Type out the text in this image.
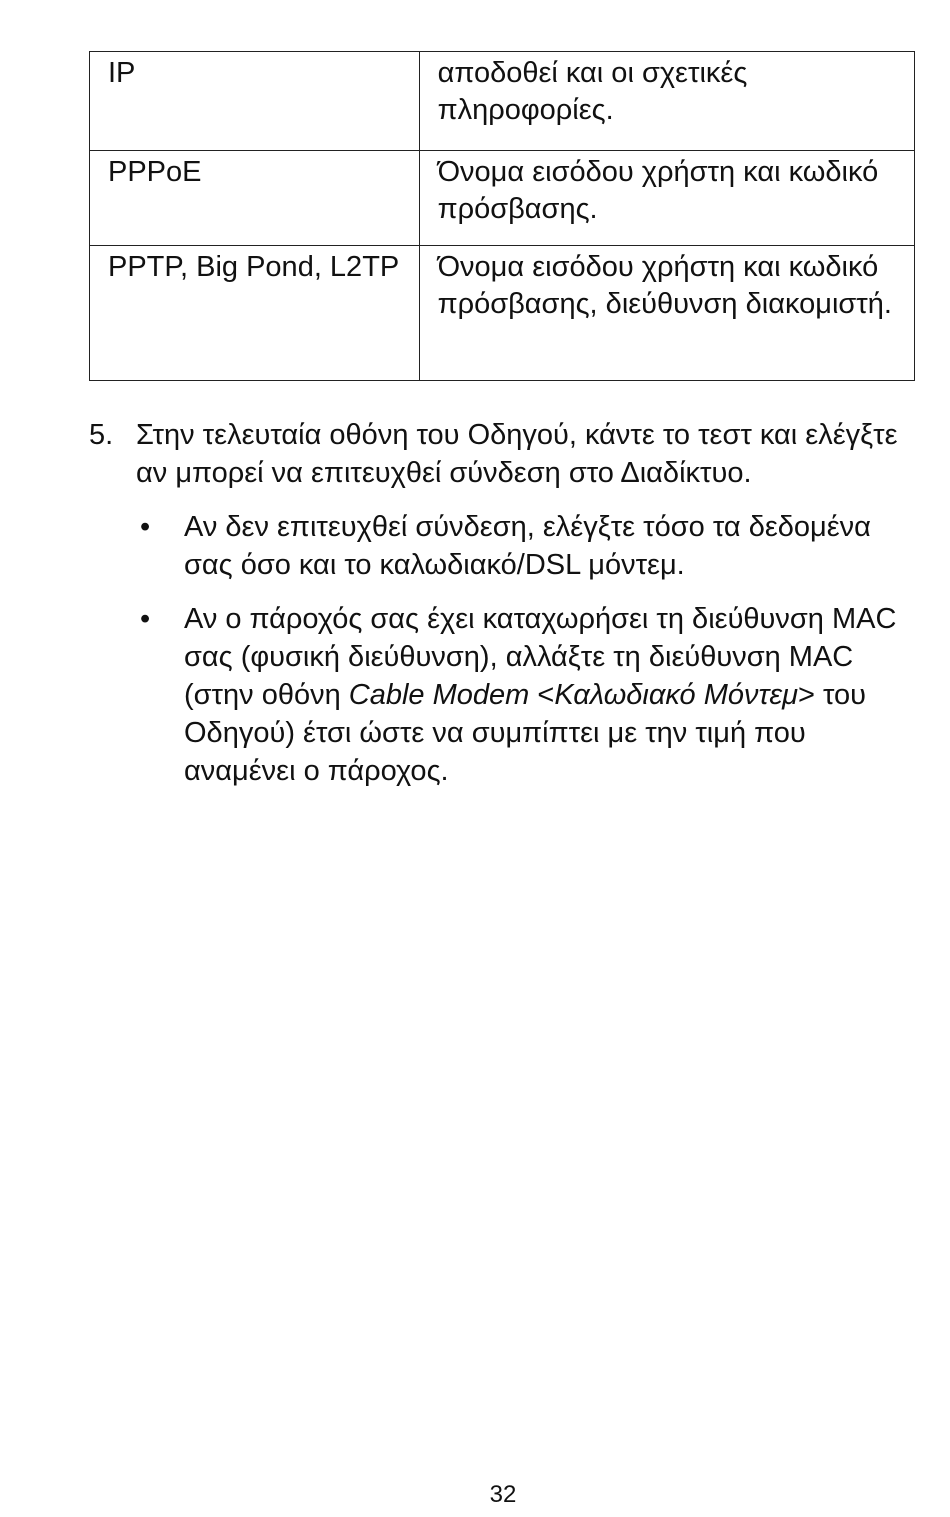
IP	αποδοθεί και οι σχετικές πληροφορίες.
PPPoE	Όνομα εισόδου χρήστη και κωδικό πρόσβασης.
PPTP, Big Pond, L2TP	Όνομα εισόδου χρήστη και κωδικό πρόσβασης, διεύθυνση διακομιστή.
5. Στην τελευταία οθόνη του Οδηγού, κάντε το τεστ και ελέγξτε αν μπορεί να επιτευχθεί σύνδεση στο Διαδίκτυο.
• Αν δεν επιτευχθεί σύνδεση, ελέγξτε τόσο τα δεδομένα σας όσο και το καλωδιακό/DSL μόντεμ.
• Αν ο πάροχός σας έχει καταχωρήσει τη διεύθυνση MAC σας (φυσική διεύθυνση), αλλάξτε τη διεύθυνση MAC (στην οθόνη Cable Modem <Καλωδιακό Μόντεμ> του Οδηγού) έτσι ώστε να συμπίπτει με την τιμή που αναμένει ο πάροχος.
32
